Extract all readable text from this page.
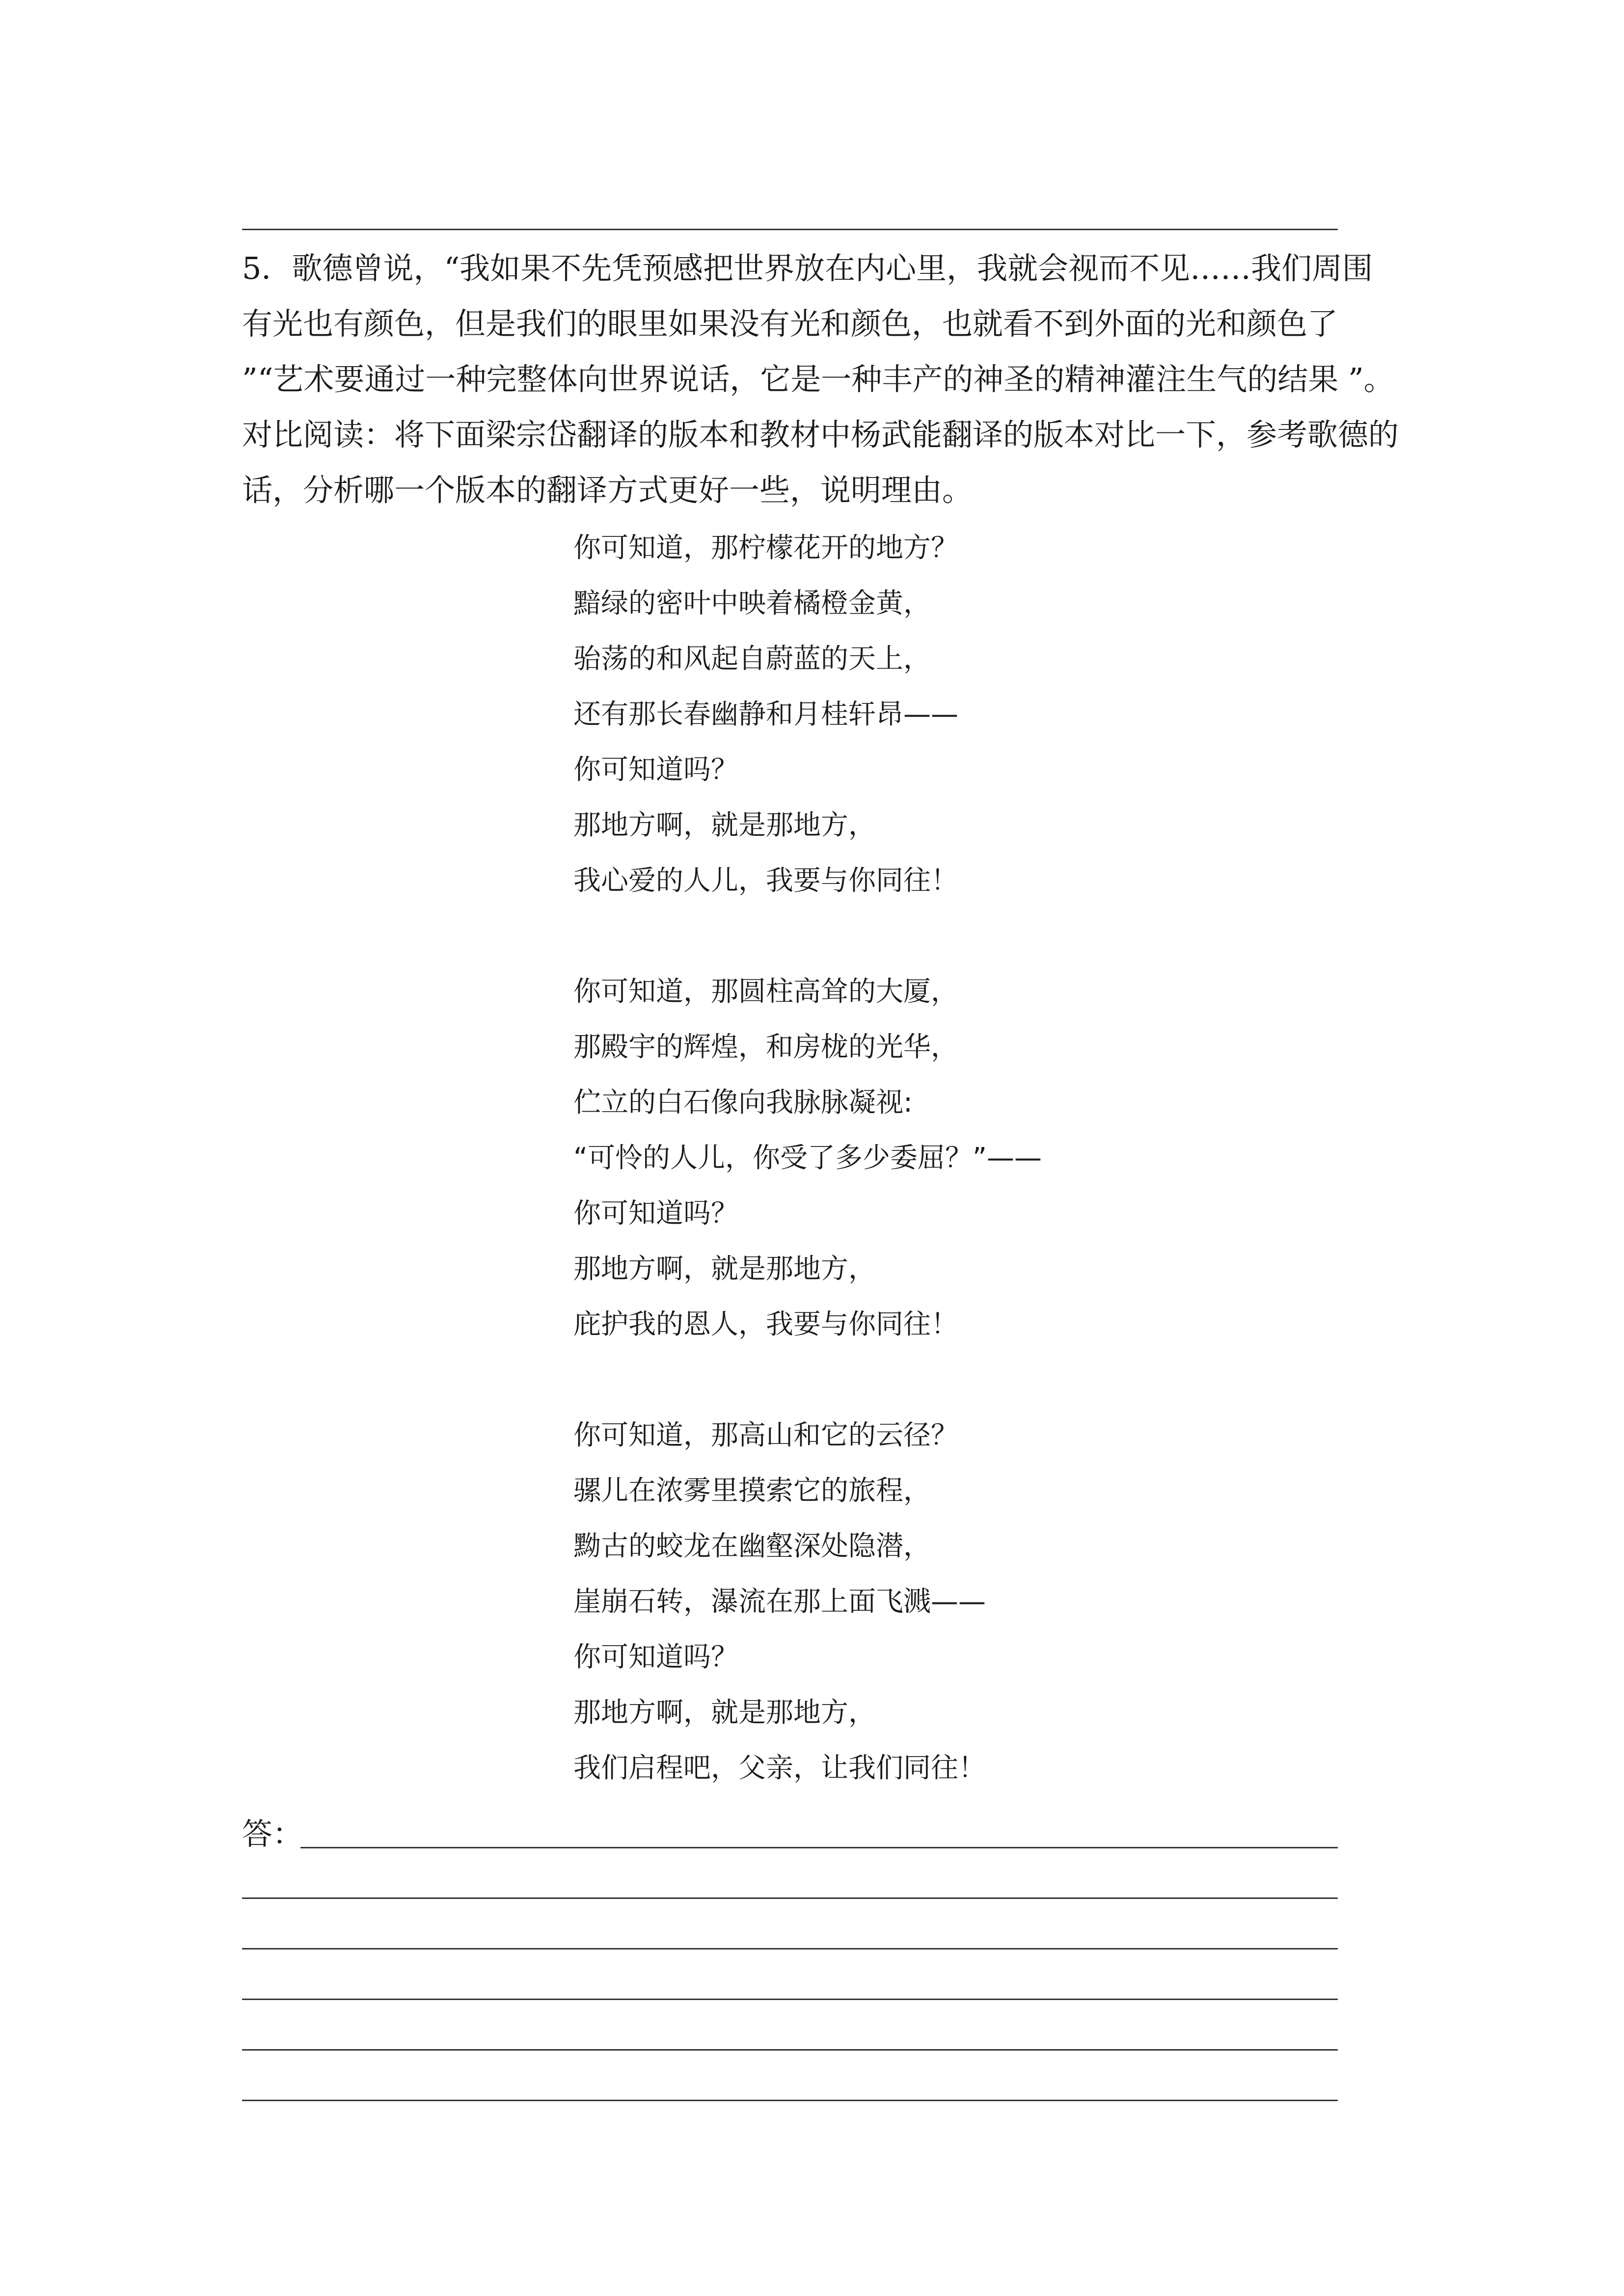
5．歌德曾说，“我如果不先凭预感把世界放在内心里，我就会视而不见……我们周围有光也有颜色，但是我们的眼里如果没有光和颜色，也就看不到外面的光和颜色了 ”“艺术要通过一种完整体向世界说话，它是一种丰产的神圣的精神灌注生气的结果 ”。

对比阅读：将下面梁宗岱翻译的版本和教材中杨武能翻译的版本对比一下，参考歌德的话，分析哪一个版本的翻译方式更好一些，说明理由。

你可知道，那柠檬花开的地方？
黯绿的密叶中映着橘橙金黄，
骀荡的和风起自蔚蓝的天上，
还有那长春幽静和月桂轩昂——
你可知道吗？
那地方啊，就是那地方，
我心爱的人儿，我要与你同往！
你可知道，那圆柱高耸的大厦，
那殿宇的辉煌，和房栊的光华，
伫立的白石像向我脉脉凝视:
“可怜的人儿，你受了多少委屈？”——
你可知道吗？
那地方啊，就是那地方，
庇护我的恩人，我要与你同往！
你可知道，那高山和它的云径？
骡儿在浓雾里摸索它的旅程，
黝古的蛟龙在幽壑深处隐潜，
崖崩石转，瀑流在那上面飞溅——
你可知道吗？
那地方啊，就是那地方，
我们启程吧，父亲，让我们同往！
答：
